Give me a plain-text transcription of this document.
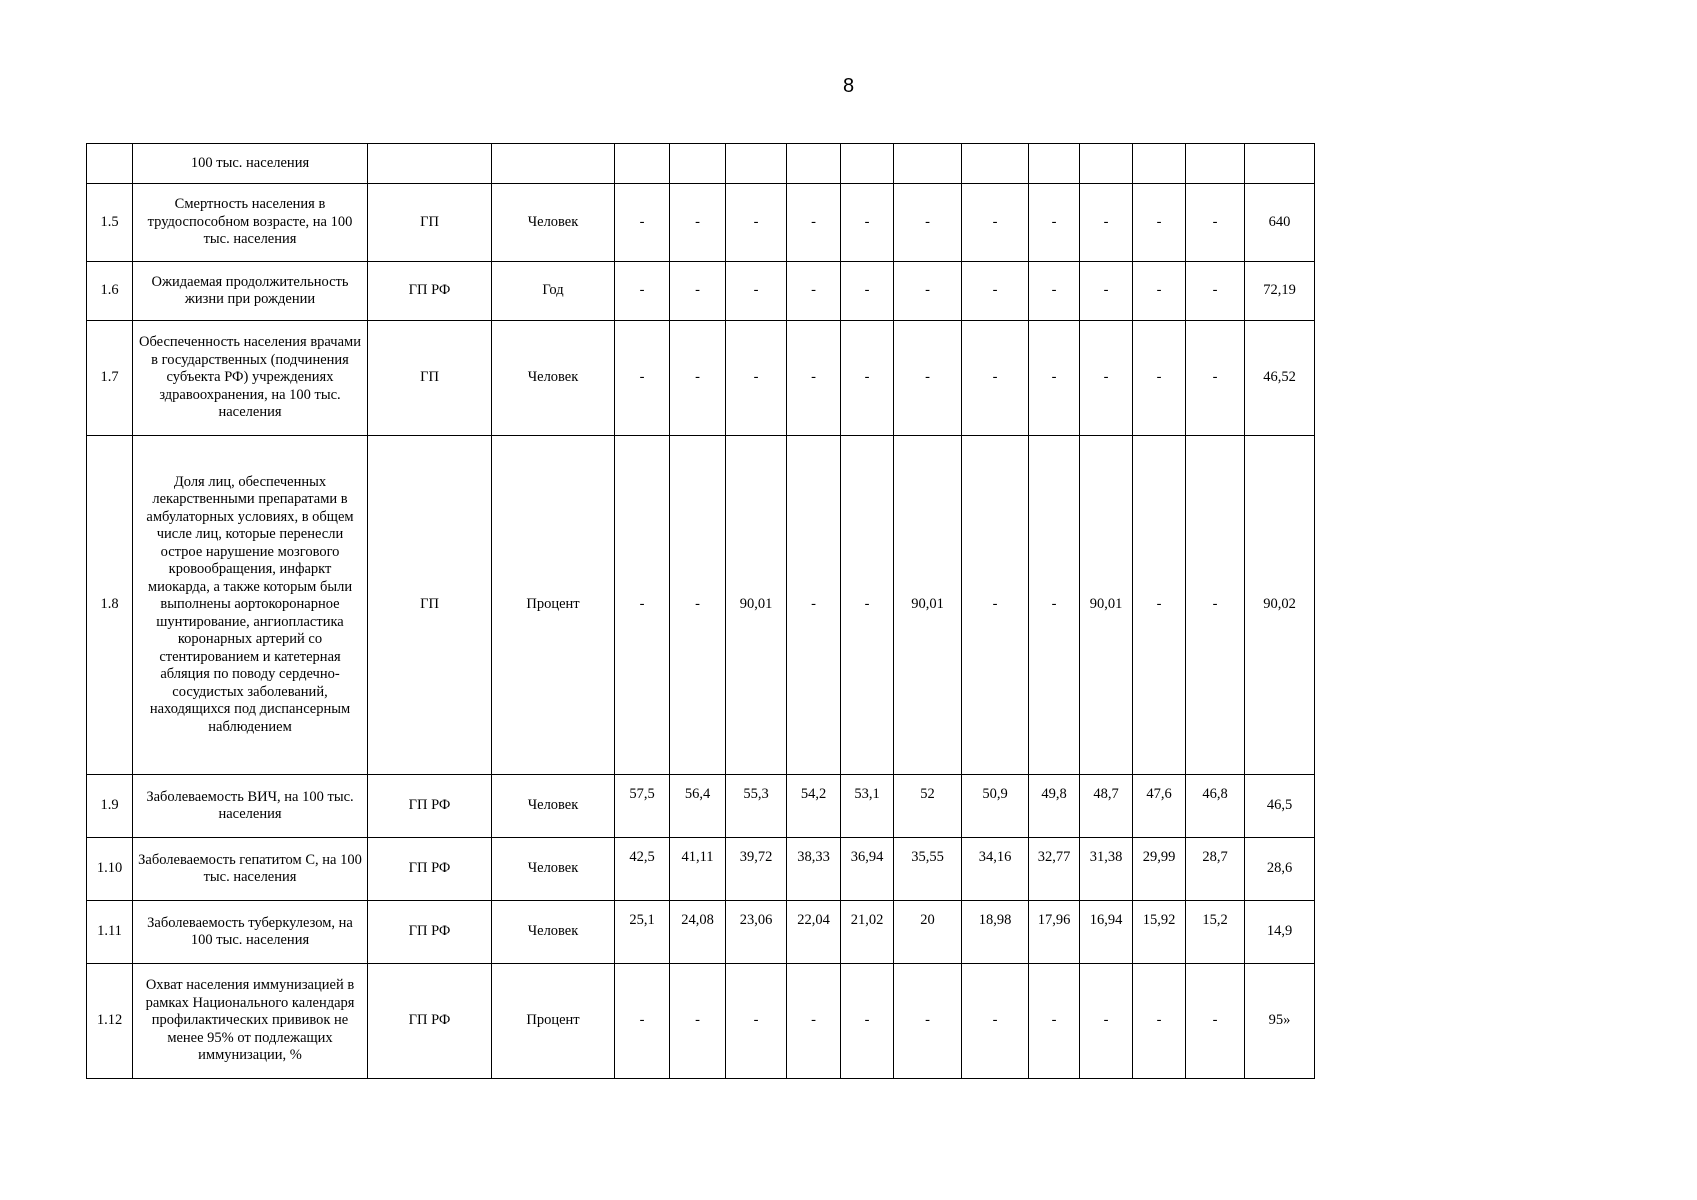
8
	100 тыс. населения														
1.5	Смертность населения в трудоспособном возрасте, на 100 тыс. населения	ГП	Человек	-	-	-	-	-	-	-	-	-	-	-	640
1.6	Ожидаемая продолжительность жизни при рождении	ГП РФ	Год	-	-	-	-	-	-	-	-	-	-	-	72,19
1.7	Обеспеченность населения врачами в государственных (подчинения субъекта РФ) учреждениях здравоохранения, на 100 тыс. населения	ГП	Человек	-	-	-	-	-	-	-	-	-	-	-	46,52
1.8	Доля лиц, обеспеченных лекарственными препаратами в амбулаторных условиях, в общем числе лиц, которые перенесли острое нарушение мозгового кровообращения, инфаркт миокарда, а также которым были выполнены аортокоронарное шунтирование, ангиопластика коронарных артерий со стентированием и катетерная абляция по поводу сердечно-сосудистых заболеваний, находящихся под диспансерным наблюдением	ГП	Процент	-	-	90,01	-	-	90,01	-	-	90,01	-	-	90,02
1.9	Заболеваемость ВИЧ, на 100 тыс. населения	ГП РФ	Человек	57,5	56,4	55,3	54,2	53,1	52	50,9	49,8	48,7	47,6	46,8	46,5
1.10	Заболеваемость гепатитом С, на 100 тыс. населения	ГП РФ	Человек	42,5	41,11	39,72	38,33	36,94	35,55	34,16	32,77	31,38	29,99	28,7	28,6
1.11	Заболеваемость туберкулезом, на 100 тыс. населения	ГП РФ	Человек	25,1	24,08	23,06	22,04	21,02	20	18,98	17,96	16,94	15,92	15,2	14,9
1.12	Охват населения иммунизацией в рамках Национального календаря профилактических прививок не менее 95% от подлежащих иммунизации, %	ГП РФ	Процент	-	-	-	-	-	-	-	-	-	-	-	95»
